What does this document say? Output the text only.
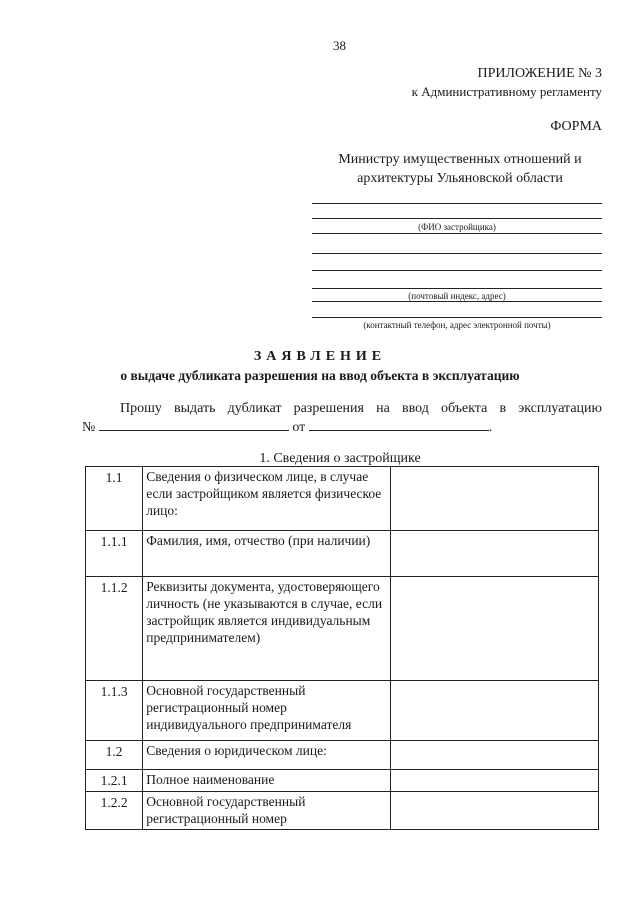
38
ПРИЛОЖЕНИЕ № 3
к Административному регламенту
ФОРМА
Министру имущественных отношений и архитектуры Ульяновской области
(ФИО застройщика)
(почтовый индекс, адрес)
(контактный телефон, адрес электронной почты)
ЗАЯВЛЕНИЕ
о выдаче дубликата разрешения на ввод объекта в эксплуатацию
Прошу выдать дубликат разрешения на ввод объекта в эксплуатацию
№	от	.
1. Сведения о застройщике
1.1	Сведения о физическом лице, в случае если застройщиком является физическое лицо:	
1.1.1	Фамилия, имя, отчество (при наличии)	
1.1.2	Реквизиты документа, удостоверяющего личность (не указываются в случае, если застройщик является индивидуальным предпринимателем)	
1.1.3	Основной государственный регистрационный номер индивидуального предпринимателя	
1.2	Сведения о юридическом лице:	
1.2.1	Полное наименование	
1.2.2	Основной государственный регистрационный номер	
